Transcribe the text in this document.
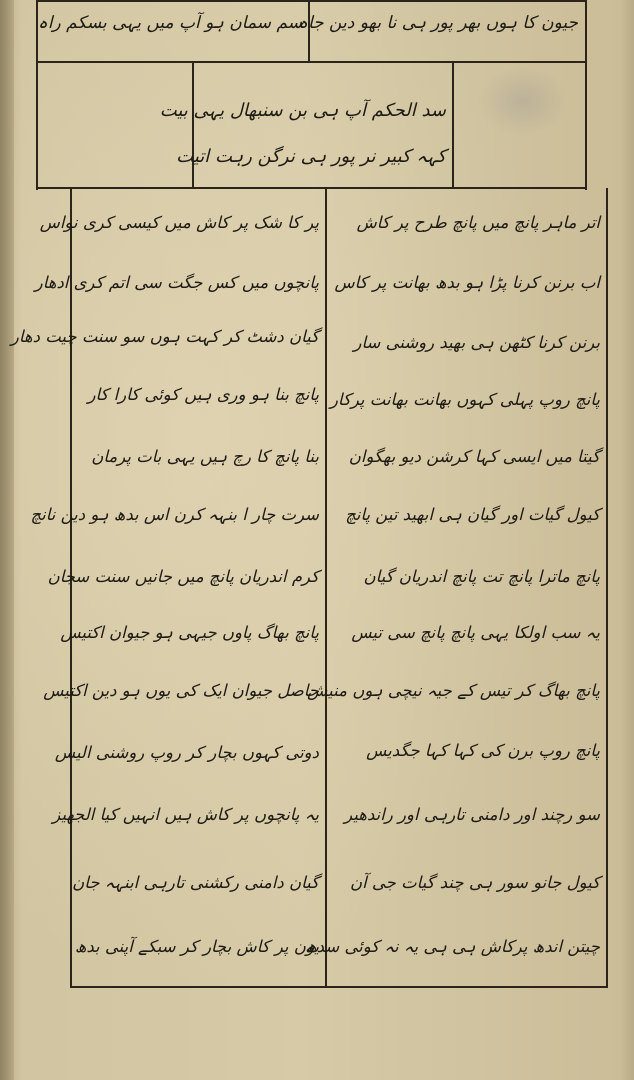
جیون کا ہوں بھر پور ہی نا بھو دین جاہ
سم سمان ہو آپ میں یہی بسکم راہ
سد الحکم آپ ہی بن سنبھال یہی بیت
کہہ کبیر نر پور ہی نرگن رہت اتیت
اتر ماہر پانچ میں پانچ طرح پر کاش
اب برنن کرنا پڑا ہو بدھ بھانت پر کاس
برنن کرنا کٹھن ہی بھید روشنی سار
پانچ روپ پہلی کہوں بھانت بھانت پرکار
گیتا میں ایسی کہا کرشن دیو بھگوان
کیول گیات اور گیان ہی ابھید تین پانچ
پانچ ماترا پانچ تت پانچ اندریان گیان
یہ سب اولکا یہی پانچ پانچ سی تیس
پانچ بھاگ کر تیس کے جیہ نیچی ہوں منیش
پانچ روپ برن کی کہا کہا جگدیس
سو رچند اور دامنی تارہی اور راندھیر
کیول جانو سور ہی چند گیات جی آن
چیتن اندھ پرکاش ہی ہی یہ نہ کوئی سدھ
پر کا شک پر کاش میں کیسی کری نواس
پانچوں میں کس جگت سی اتم کری ادھار
گیان دشٹ کر کہت ہوں سو سنت چیت دھار
پانچ بنا ہو وری ہیں کوئی کارا کار
بنا پانچ کا رچ ہیں یہی بات پرمان
سرت چار ا بنہہ کرن اس بدھ ہو دین نانچ
کرم اندریان پانچ میں جانیں سنت سجان
پانچ بھاگ پاوں جیہی ہو جیوان اکتیس
حاصل جیوان ایک کی یوں ہو دین اکتیس
دوتی کہوں بچار کر روپ روشنی الیس
یہ پانچوں پر کاش ہیں انہیں کیا الجھیز
گیان دامنی رکشنی تارہی ابنہہ جان
یون پر کاش بچار کر سبکے آپنی بدھ
